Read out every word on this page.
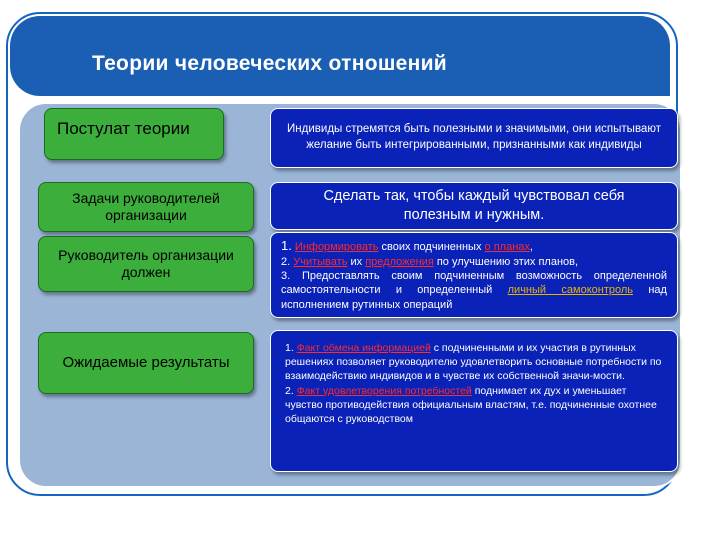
Теории человеческих отношений
Постулат теории	Индивиды стремятся быть полезными и значимыми, они испытывают желание быть интегрированными, признанными как индивиды
Задачи руководителей организации
Сделать так, чтобы каждый чувствовал себя полезным и нужным.
Руководитель организации должен
1. Информировать своих подчиненных о планах,
2. Учитывать их предложения по улучшению этих планов,
3. Предоставлять своим подчиненным возможность определенной самостоятельности и определенный личный самоконтроль над исполнением рутинных операций
Ожидаемые результаты
1. Факт обмена информацией с подчиненными и их участия в рутинных решениях позволяет руководителю удовлетворить основные потребности по взаимодействию индивидов и в чувстве их собственной значи-мости.
2. Факт удовлетворения потребностей поднимает их дух и уменьшает чувство противодействия официальным властям, т.е. подчиненные охотнее общаются с руководством
